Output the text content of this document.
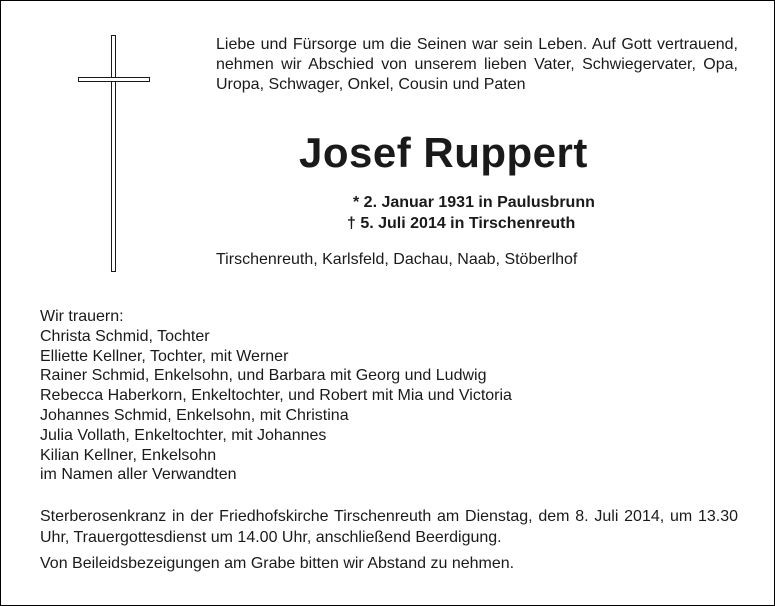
Liebe und Fürsorge um die Seinen war sein Leben. Auf Gott vertrauend, nehmen wir Abschied von unserem lieben Vater, Schwiegervater, Opa, Uropa, Schwager, Onkel, Cousin und Paten
Josef Ruppert
* 2. Januar 1931 in Paulusbrunn
† 5. Juli 2014 in Tirschenreuth
Tirschenreuth, Karlsfeld, Dachau, Naab, Stöberlhof
Wir trauern:
Christa Schmid, Tochter
Elliette Kellner, Tochter, mit Werner
Rainer Schmid, Enkelsohn, und Barbara mit Georg und Ludwig
Rebecca Haberkorn, Enkeltochter, und Robert mit Mia und Victoria
Johannes Schmid, Enkelsohn, mit Christina
Julia Vollath, Enkeltochter, mit Johannes
Kilian Kellner, Enkelsohn
im Namen aller Verwandten
Sterberosenkranz in der Friedhofskirche Tirschenreuth am Dienstag, dem 8. Juli 2014, um 13.30 Uhr, Trauergottesdienst um 14.00 Uhr, anschließend Beerdigung.
Von Beileidsbezeigungen am Grabe bitten wir Abstand zu nehmen.
